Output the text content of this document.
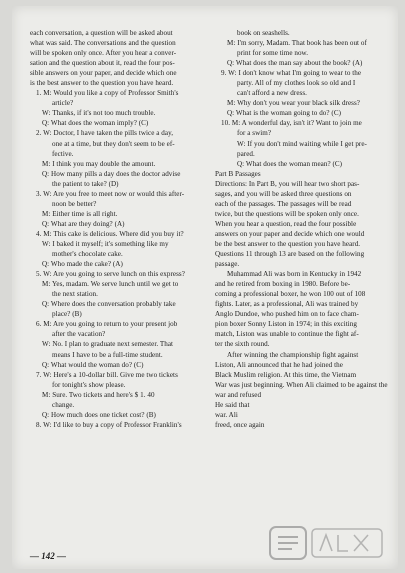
each conversation, a question will be asked about
what was said. The conversations and the question
will be spoken only once. After you hear a conver-
sation and the question about it, read the four pos-
sible answers on your paper, and decide which one
is the best answer to the question you have heard.
1. M: Would you like a copy of Professor Smith's
article?
W: Thanks, if it's not too much trouble.
Q: What does the woman imply? (C)
2. W: Doctor, I have taken the pills twice a day,
one at a time, but they don't seem to be ef-
fective.
M: I think you may double the amount.
Q: How many pills a day does the doctor advise
the patient to take? (D)
3. W: Are you free to meet now or would this after-
noon be better?
M: Either time is all right.
Q: What are they doing? (A)
4. M: This cake is delicious. Where did you buy it?
W: I baked it myself; it's something like my
mother's chocolate cake.
Q: Who made the cake? (A)
5. W: Are you going to serve lunch on this express?
M: Yes, madam. We serve lunch until we get to
the next station.
Q: Where does the conversation probably take
place? (B)
6. M: Are you going to return to your present job
after the vacation?
W: No. I plan to graduate next semester. That
means I have to be a full-time student.
Q: What would the woman do? (C)
7. W: Here's a 10-dollar bill. Give me two tickets
for tonight's show please.
M: Sure. Two tickets and here's $ 1. 40
change.
Q: How much does one ticket cost? (B)
8. W: I'd like to buy a copy of Professor Franklin's
book on seashells.
M: I'm sorry, Madam. That book has been out of
print for some time now.
Q: What does the man say about the book? (A)
9. W: I don't know what I'm going to wear to the
party. All of my clothes look so old and I
can't afford a new dress.
M: Why don't you wear your black silk dress?
Q: What is the woman going to do? (C)
10. M: A wonderful day, isn't it? Want to join me
for a swim?
W: If you don't mind waiting while I get pre-
pared.
Q: What does the woman mean? (C)
Part B Passages
Directions: In Part B, you will hear two short pas-
sages, and you will be asked three questions on
each of the passages. The passages will be read
twice, but the questions will be spoken only once.
When you hear a question, read the four possible
answers on your paper and decide which one would
be the best answer to the question you have heard.
Questions 11 through 13 are based on the following
passage.
Muhammad Ali was born in Kentucky in 1942
and he retired from boxing in 1980. Before be-
coming a professional boxer, he won 100 out of 108
fights. Later, as a professional, Ali was trained by
Anglo Dundoe, who pushed him on to face cham-
pion boxer Sonny Liston in 1974; in this exciting
match, Liston was unable to continue the fight af-
ter the sixth round.
After winning the championship fight against
Liston, Ali announced that he had joined the
Black Muslim religion. At this time, the Vietnam
War was just beginning. When Ali claimed to be against the
war and refused
He said that
war. Ali
freed, once again
— 142 —
